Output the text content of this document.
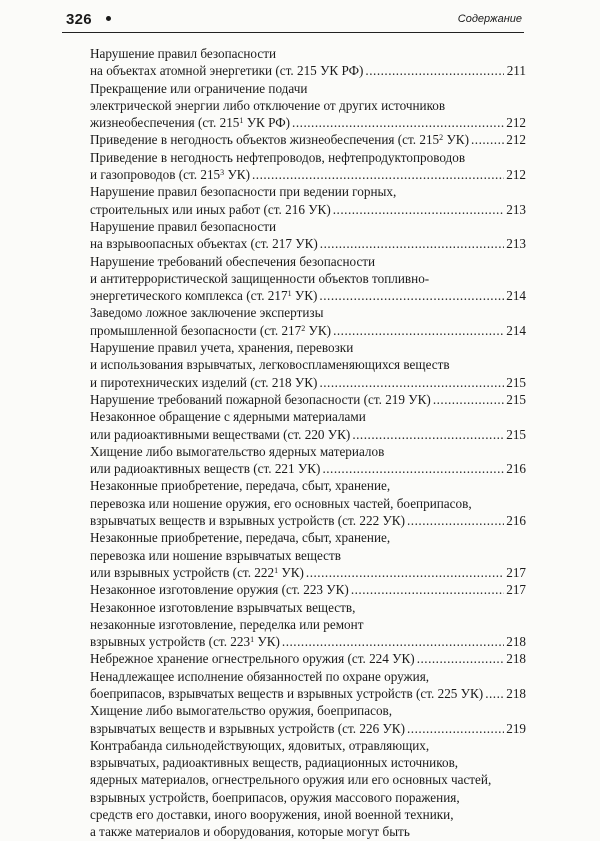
326	Содержание
Нарушение правил безопасности
на объектах атомной энергетики (ст. 215 УК РФ) .....	211
Прекращение или ограничение подачи
электрической энергии либо отключение от других источников
жизнеобеспечения (ст. $215^1$ УК РФ) .....	212
Приведение в негодность объектов жизнеобеспечения (ст. $215^2$ УК) .....	212
Приведение в негодность нефтепроводов, нефтепродуктопроводов
и газопроводов (ст. $215^3$ УК) .....	212
Нарушение правил безопасности при ведении горных,
строительных или иных работ (ст. 216 УК) .....	213
Нарушение правил безопасности
на взрывоопасных объектах (ст. 217 УК) .....	213
Нарушение требований обеспечения безопасности
и антитеррористической защищенности объектов топливно-
энергетического комплекса (ст. $217^1$ УК) .....	214
Заведомо ложное заключение экспертизы
промышленной безопасности (ст. $217^2$ УК) .....	214
Нарушение правил учета, хранения, перевозки
и использования взрывчатых, легковоспламеняющихся веществ
и пиротехнических изделий (ст. 218 УК) .....	215
Нарушение требований пожарной безопасности (ст. 219 УК) .....	215
Незаконное обращение с ядерными материалами
или радиоактивными веществами (ст. 220 УК) .....	215
Хищение либо вымогательство ядерных материалов
или радиоактивных веществ (ст. 221 УК) .....	216
Незаконные приобретение, передача, сбыт, хранение,
перевозка или ношение оружия, его основных частей, боеприпасов,
взрывчатых веществ и взрывных устройств (ст. 222 УК) .....	216
Незаконные приобретение, передача, сбыт, хранение,
перевозка или ношение взрывчатых веществ
или взрывных устройств (ст. $222^1$ УК) .....	217
Незаконное изготовление оружия (ст. 223 УК) .....	217
Незаконное изготовление взрывчатых веществ,
незаконные изготовление, переделка или ремонт
взрывных устройств (ст. $223^1$ УК) .....	218
Небрежное хранение огнестрельного оружия (ст. 224 УК) .....	218
Ненадлежащее исполнение обязанностей по охране оружия,
боеприпасов, взрывчатых веществ и взрывных устройств (ст. 225 УК) ..... 218
Хищение либо вымогательство оружия, боеприпасов,
взрывчатых веществ и взрывных устройств (ст. 226 УК) .....	219
Контрабанда сильнодействующих, ядовитых, отравляющих,
взрывчатых, радиоактивных веществ, радиационных источников,
ядерных материалов, огнестрельного оружия или его основных частей,
взрывных устройств, боеприпасов, оружия массового поражения,
средств его доставки, иного вооружения, иной военной техники,
а также материалов и оборудования, которые могут быть
